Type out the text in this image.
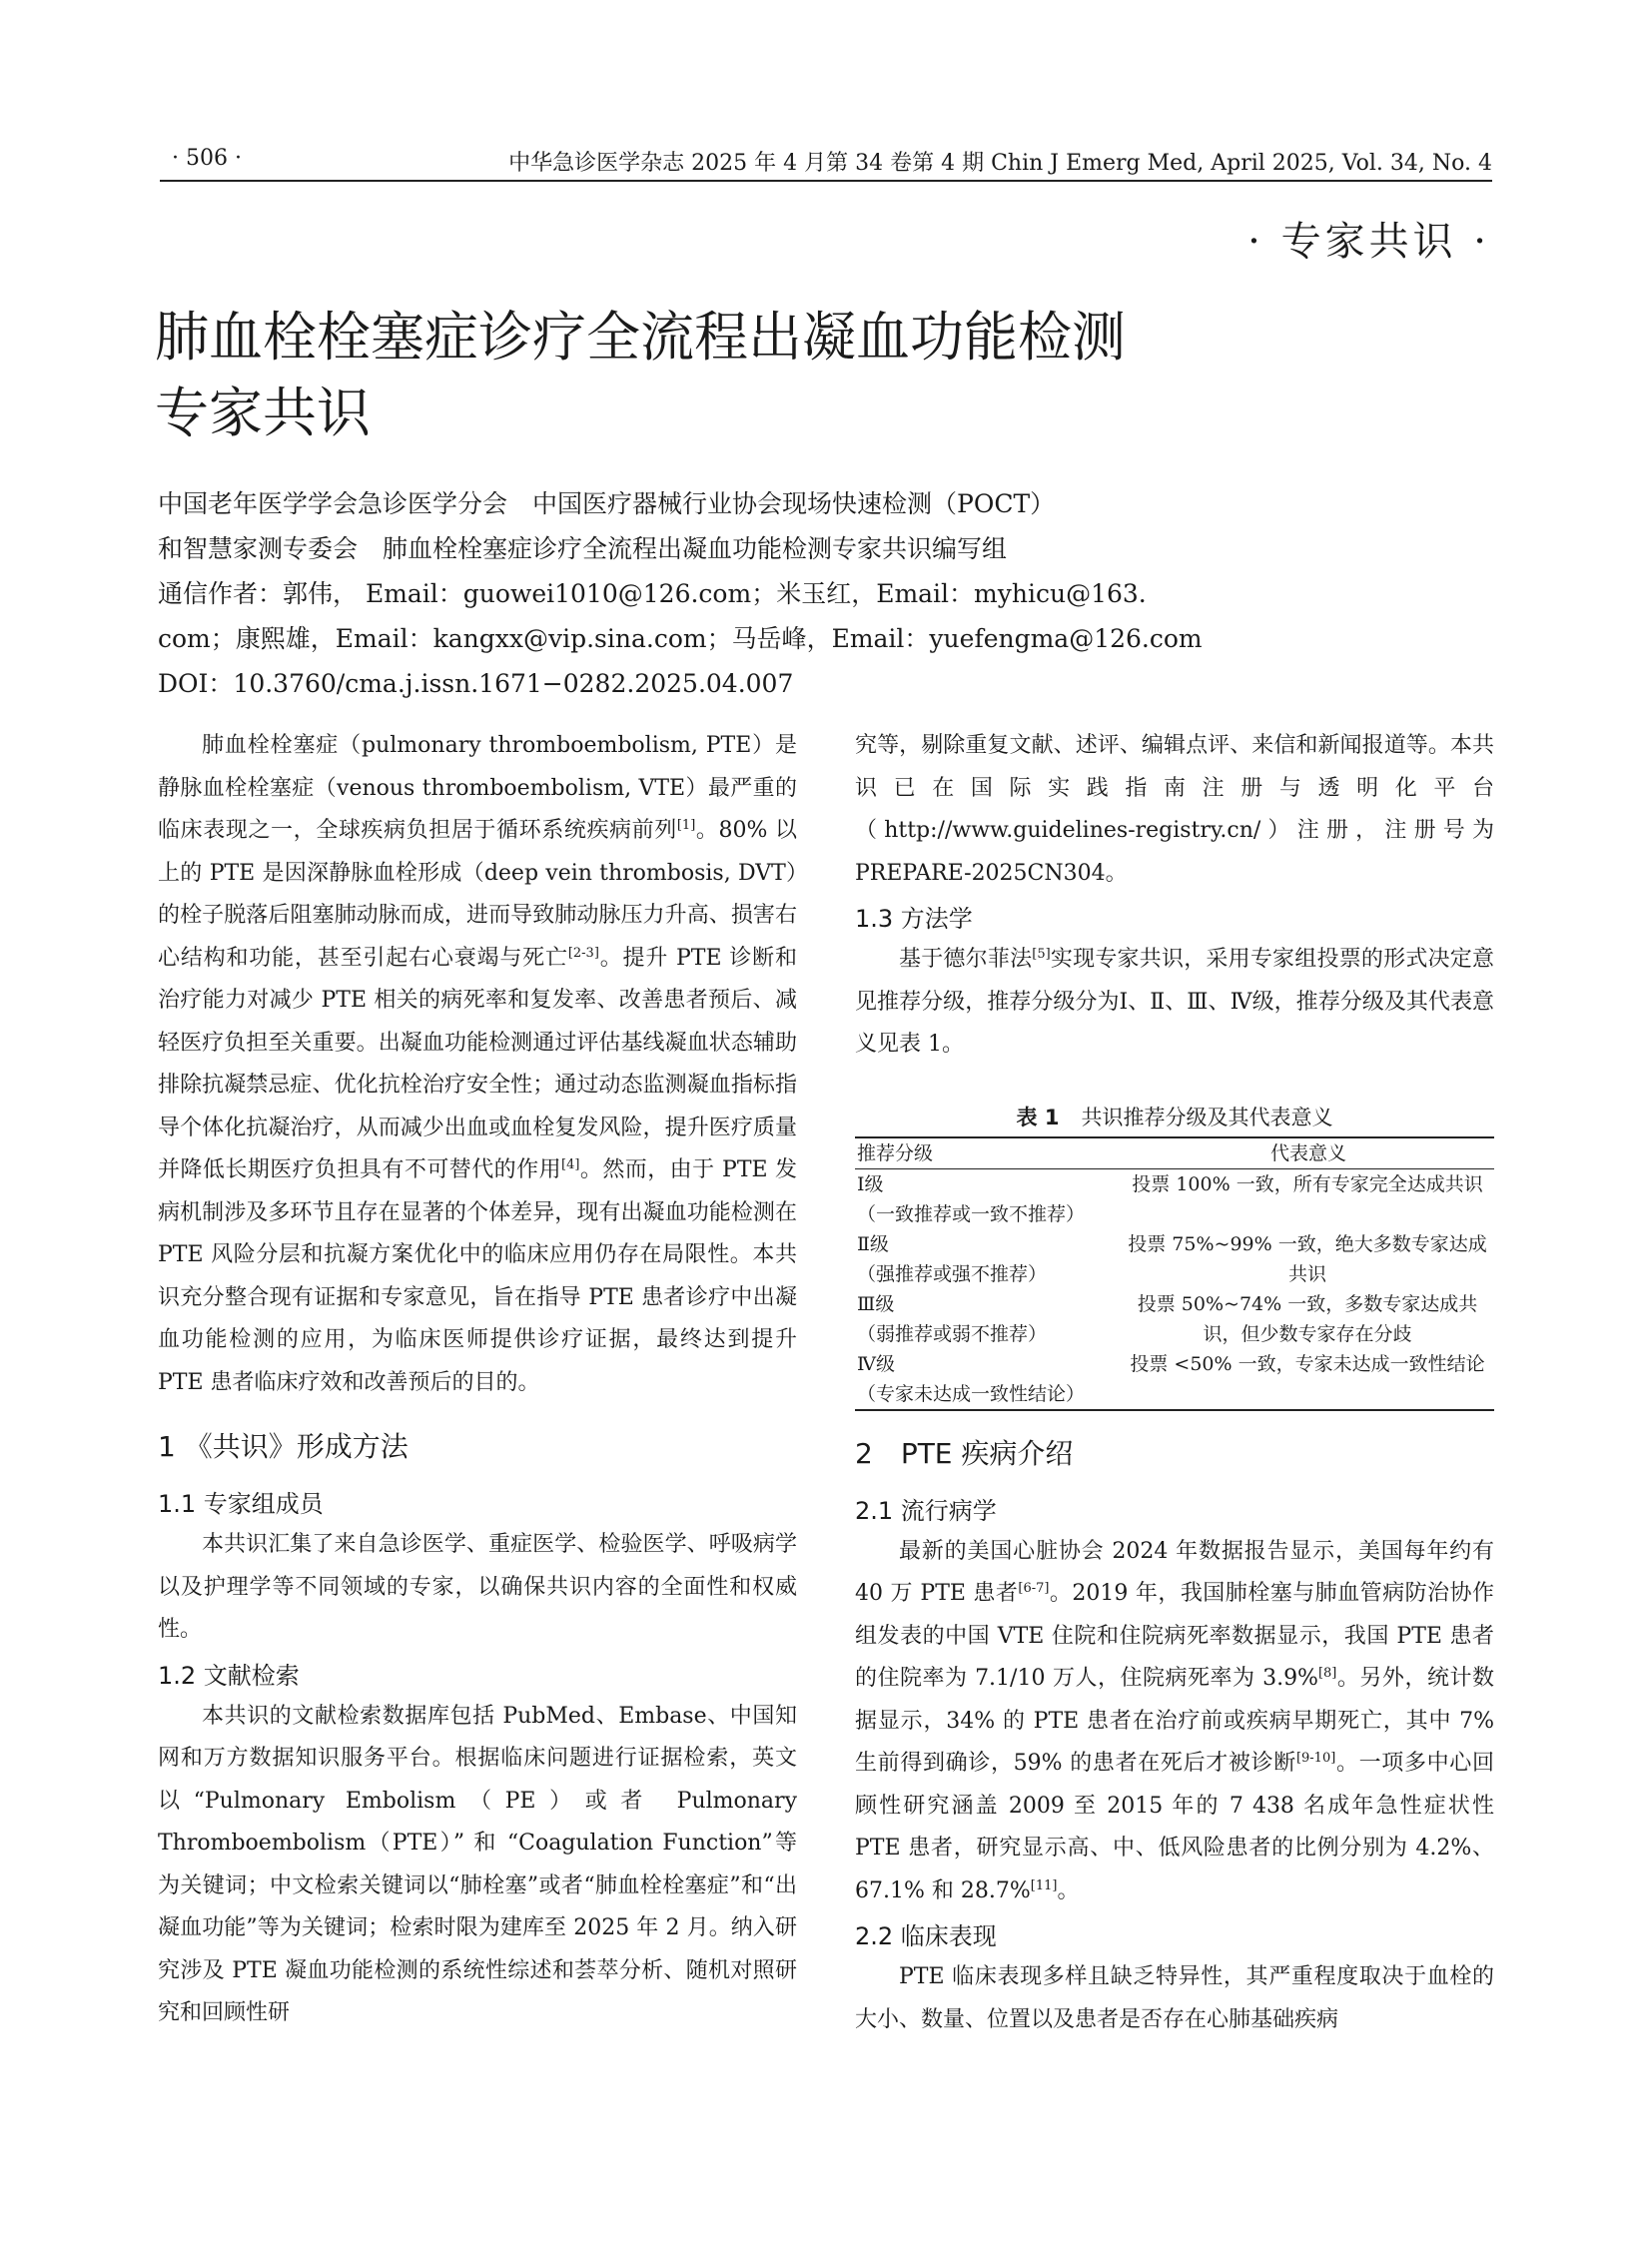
· 506 ·	中华急诊医学杂志 2025 年 4 月第 34 卷第 4 期 Chin J Emerg Med, April 2025, Vol. 34, No. 4
· 专家共识 ·
肺血栓栓塞症诊疗全流程出凝血功能检测
专家共识
中国老年医学学会急诊医学分会　中国医疗器械行业协会现场快速检测（POCT）
和智慧家测专委会　肺血栓栓塞症诊疗全流程出凝血功能检测专家共识编写组
通信作者：郭伟， Email：guowei1010@126.com；米玉红，Email：myhicu@163.
com；康熙雄，Email：kangxx@vip.sina.com；马岳峰，Email：yuefengma@126.com
DOI：10.3760/cma.j.issn.1671−0282.2025.04.007

肺血栓栓塞症（pulmonary thromboembolism, PTE）是静脉血栓栓塞症（venous thromboembolism, VTE）最严重的临床表现之一，全球疾病负担居于循环系统疾病前列[1]。80% 以上的 PTE 是因深静脉血栓形成（deep vein thrombosis, DVT）的栓子脱落后阻塞肺动脉而成，进而导致肺动脉压力升高、损害右心结构和功能，甚至引起右心衰竭与死亡[2-3]。提升 PTE 诊断和治疗能力对减少 PTE 相关的病死率和复发率、改善患者预后、减轻医疗负担至关重要。出凝血功能检测通过评估基线凝血状态辅助排除抗凝禁忌症、优化抗栓治疗安全性；通过动态监测凝血指标指导个体化抗凝治疗，从而减少出血或血栓复发风险，提升医疗质量并降低长期医疗负担具有不可替代的作用[4]。然而，由于 PTE 发病机制涉及多环节且存在显著的个体差异，现有出凝血功能检测在 PTE 风险分层和抗凝方案优化中的临床应用仍存在局限性。本共识充分整合现有证据和专家意见，旨在指导 PTE 患者诊疗中出凝血功能检测的应用，为临床医师提供诊疗证据，最终达到提升 PTE 患者临床疗效和改善预后的目的。

1 《共识》形成方法
1.1 专家组成员

本共识汇集了来自急诊医学、重症医学、检验医学、呼吸病学以及护理学等不同领域的专家，以确保共识内容的全面性和权威性。

1.2 文献检索

本共识的文献检索数据库包括 PubMed、Embase、中国知网和万方数据知识服务平台。根据临床问题进行证据检索，英文以“Pulmonary Embolism（PE）或者 Pulmonary Thromboembolism（PTE）” 和 “Coagulation Function”等为关键词；中文检索关键词以“肺栓塞”或者“肺血栓栓塞症”和“出凝血功能”等为关键词；检索时限为建库至 2025 年 2 月。纳入研究涉及 PTE 凝血功能检测的系统性综述和荟萃分析、随机对照研究和回顾性研

究等，剔除重复文献、述评、编辑点评、来信和新闻报道等。本共识已在国际实践指南注册与透明化平台（http://www.guidelines-registry.cn/）注册，注册号为 PREPARE-2025CN304。

1.3 方法学

基于德尔菲法[5]实现专家共识，采用专家组投票的形式决定意见推荐分级，推荐分级分为Ⅰ、Ⅱ、Ⅲ、Ⅳ级，推荐分级及其代表意义见表 1。

表 1 共识推荐分级及其代表意义
推荐分级	代表意义

Ⅰ级
（一致推荐或一致不推荐）	投票 100% 一致，所有专家完全达成共识

Ⅱ级
（强推荐或强不推荐）	投票 75%~99% 一致，绝大多数专家达成共识

Ⅲ级
（弱推荐或弱不推荐）	投票 50%~74% 一致，多数专家达成共识，但少数专家存在分歧

Ⅳ级
（专家未达成一致性结论）	投票 <50% 一致，专家未达成一致性结论
2　PTE 疾病介绍
2.1 流行病学

最新的美国心脏协会 2024 年数据报告显示，美国每年约有 40 万 PTE 患者[6-7]。2019 年，我国肺栓塞与肺血管病防治协作组发表的中国 VTE 住院和住院病死率数据显示，我国 PTE 患者的住院率为 7.1/10 万人，住院病死率为 3.9%[8]。另外，统计数据显示，34% 的 PTE 患者在治疗前或疾病早期死亡，其中 7% 生前得到确诊，59% 的患者在死后才被诊断[9-10]。一项多中心回顾性研究涵盖 2009 至 2015 年的 7 438 名成年急性症状性 PTE 患者，研究显示高、中、低风险患者的比例分别为 4.2%、67.1% 和 28.7%[11]。

2.2 临床表现

PTE 临床表现多样且缺乏特异性，其严重程度取决于血栓的大小、数量、位置以及患者是否存在心肺基础疾病
